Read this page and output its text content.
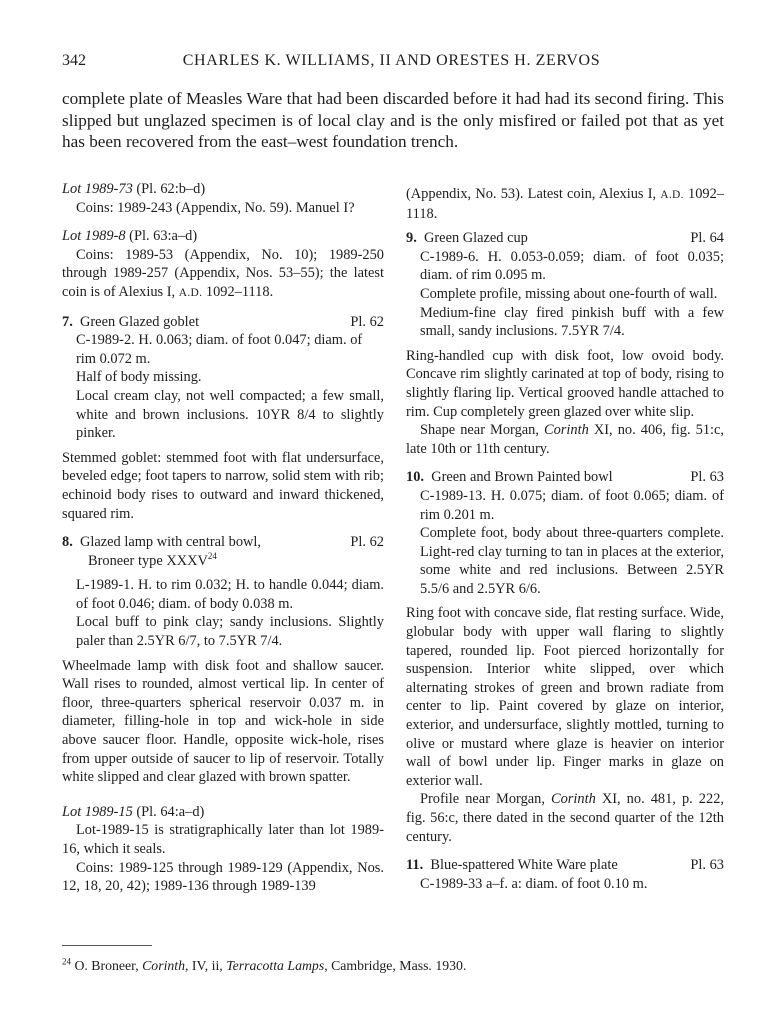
342	CHARLES K. WILLIAMS, II AND ORESTES H. ZERVOS

complete plate of Measles Ware that had been discarded before it had had its second firing. This slipped but unglazed specimen is of local clay and is the only misfired or failed pot that as yet has been recovered from the east–west foundation trench.

Lot 1989-73 (Pl. 62:b–d)

Coins: 1989-243 (Appendix, No. 59). Manuel I?

Lot 1989-8 (Pl. 63:a–d)

Coins: 1989-53 (Appendix, No. 10); 1989-250 through 1989-257 (Appendix, Nos. 53–55); the latest coin is of Alexius I, A.D. 1092–1118.

7. Green Glazed goblet	Pl. 62

C-1989-2. H. 0.063; diam. of foot 0.047; diam. of rim 0.072 m.

Half of body missing.

Local cream clay, not well compacted; a few small, white and brown inclusions. 10YR 8/4 to slightly pinker.

Stemmed goblet: stemmed foot with flat undersurface, beveled edge; foot tapers to narrow, solid stem with rib; echinoid body rises to outward and inward thickened, squared rim.

8. Glazed lamp with central bowl,
Broneer type XXXV$^{24}$
Pl. 62

L-1989-1. H. to rim 0.032; H. to handle 0.044; diam. of foot 0.046; diam. of body 0.038 m.

Local buff to pink clay; sandy inclusions. Slightly paler than 2.5YR 6/7, to 7.5YR 7/4.

Wheelmade lamp with disk foot and shallow saucer. Wall rises to rounded, almost vertical lip. In center of floor, three-quarters spherical reservoir 0.037 m. in diameter, filling-hole in top and wick-hole in side above saucer floor. Handle, opposite wick-hole, rises from upper outside of saucer to lip of reservoir. Totally white slipped and clear glazed with brown spatter.

Lot 1989-15 (Pl. 64:a–d)

Lot-1989-15 is stratigraphically later than lot 1989-16, which it seals.

Coins: 1989-125 through 1989-129 (Appendix, Nos. 12, 18, 20, 42); 1989-136 through 1989-139

(Appendix, No. 53). Latest coin, Alexius I, A.D. 1092–1118.

9. Green Glazed cup	Pl. 64

C-1989-6. H. 0.053-0.059; diam. of foot 0.035; diam. of rim 0.095 m.

Complete profile, missing about one-fourth of wall.

Medium-fine clay fired pinkish buff with a few small, sandy inclusions. 7.5YR 7/4.

Ring-handled cup with disk foot, low ovoid body. Concave rim slightly carinated at top of body, rising to slightly flaring lip. Vertical grooved handle attached to rim. Cup completely green glazed over white slip.

Shape near Morgan, Corinth XI, no. 406, fig. 51:c, late 10th or 11th century.

10. Green and Brown Painted bowl	Pl. 63

C-1989-13. H. 0.075; diam. of foot 0.065; diam. of rim 0.201 m.

Complete foot, body about three-quarters complete. Light-red clay turning to tan in places at the exterior, some white and red inclusions. Between 2.5YR 5.5/6 and 2.5YR 6/6.

Ring foot with concave side, flat resting surface. Wide, globular body with upper wall flaring to slightly tapered, rounded lip. Foot pierced horizontally for suspension. Interior white slipped, over which alternating strokes of green and brown radiate from center to lip. Paint covered by glaze on interior, exterior, and undersurface, slightly mottled, turning to olive or mustard where glaze is heavier on interior wall of bowl under lip. Finger marks in glaze on exterior wall.

Profile near Morgan, Corinth XI, no. 481, p. 222, fig. 56:c, there dated in the second quarter of the 12th century.

11. Blue-spattered White Ware plate	Pl. 63

C-1989-33 a–f. a: diam. of foot 0.10 m.

$^{24}$ O. Broneer, Corinth, IV, ii, Terracotta Lamps, Cambridge, Mass. 1930.
